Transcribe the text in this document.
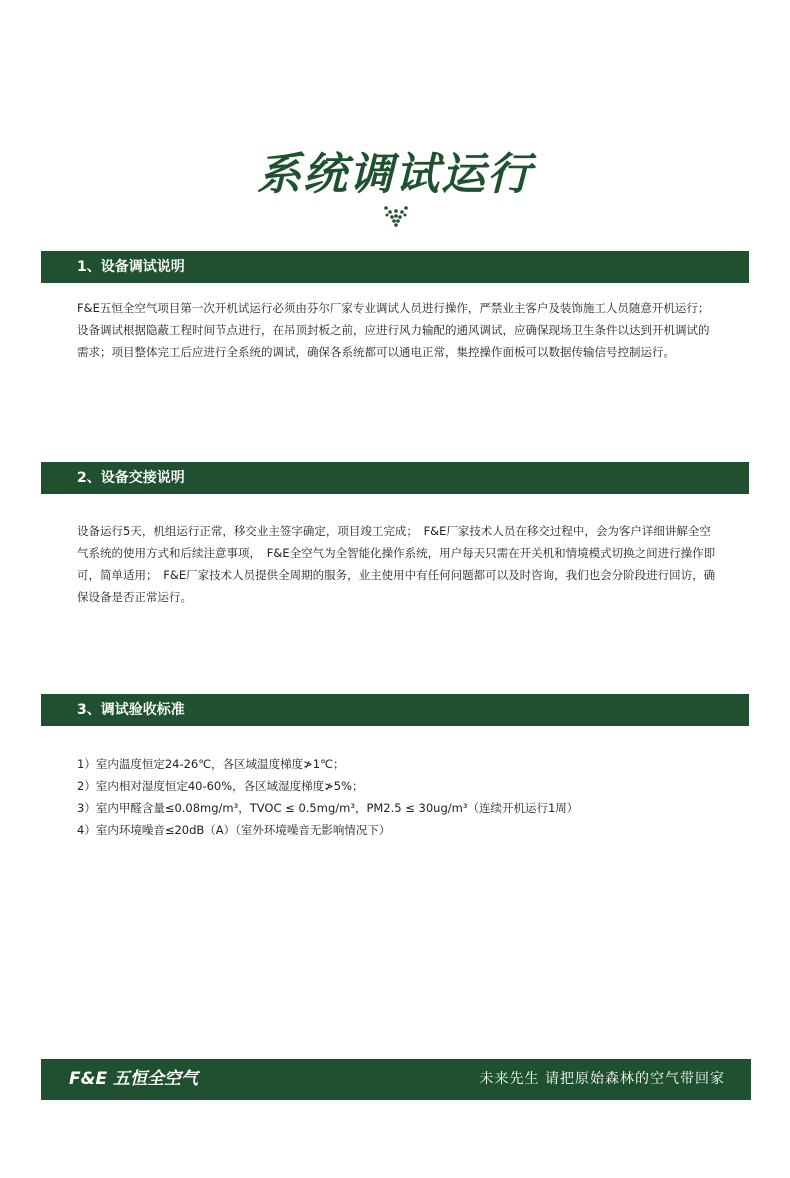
系统调试运行
1、设备调试说明
F&E五恒全空气项目第一次开机试运行必须由芬尔厂家专业调试人员进行操作，严禁业主客户及装饰施工人员随意开机运行；设备调试根据隐蔽工程时间节点进行，在吊顶封板之前，应进行风力输配的通风调试，应确保现场卫生条件以达到开机调试的需求；项目整体完工后应进行全系统的调试，确保各系统都可以通电正常，集控操作面板可以数据传输信号控制运行。
2、设备交接说明
设备运行5天，机组运行正常，移交业主签字确定，项目竣工完成；　F&E厂家技术人员在移交过程中，会为客户详细讲解全空气系统的使用方式和后续注意事项，　F&E全空气为全智能化操作系统，用户每天只需在开关机和情境模式切换之间进行操作即可，简单适用；　F&E厂家技术人员提供全周期的服务，业主使用中有任何问题都可以及时咨询，我们也会分阶段进行回访，确保设备是否正常运行。
3、调试验收标准
1）室内温度恒定24-26℃，各区域温度梯度≯1℃；
2）室内相对湿度恒定40-60%，各区域湿度梯度≯5%；
3）室内甲醛含量≤0.08mg/m³，TVOC ≤ 0.5mg/m³，PM2.5 ≤ 30ug/m³（连续开机运行1周）
4）室内环境噪音≤20dB（A）（室外环境噪音无影响情况下）
F&E 五恒全空气	未来先生 请把原始森林的空气带回家
